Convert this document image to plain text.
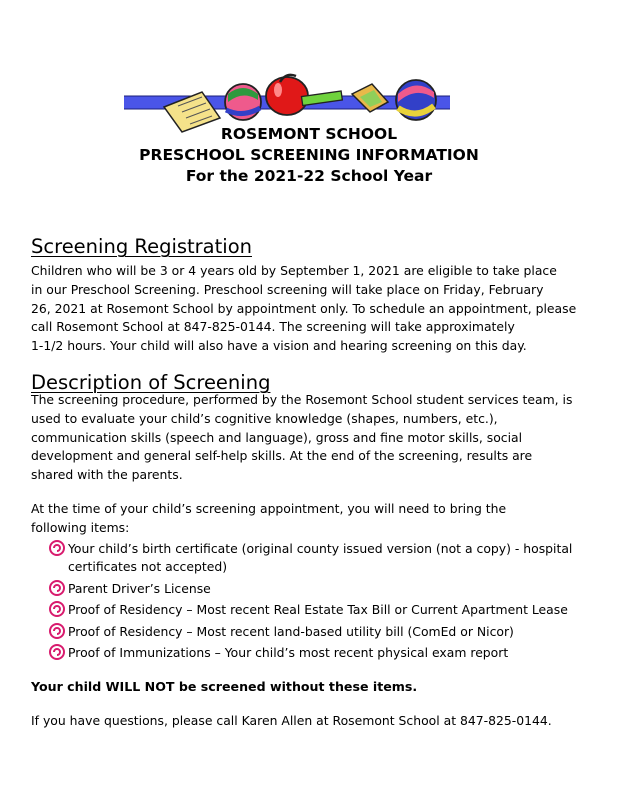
ROSEMONT SCHOOL
PRESCHOOL SCREENING INFORMATION
For the 2021-22 School Year
Screening Registration
Children who will be 3 or 4 years old by September 1, 2021 are eligible to take place
in our Preschool Screening. Preschool screening will take place on Friday, February
26, 2021 at Rosemont School by appointment only. To schedule an appointment, please
call Rosemont School at 847-825-0144. The screening will take approximately
1-1/2 hours. Your child will also have a vision and hearing screening on this day.
Description of Screening
The screening procedure, performed by the Rosemont School student services team, is
used to evaluate your child’s cognitive knowledge (shapes, numbers, etc.),
communication skills (speech and language), gross and fine motor skills, social
development and general self-help skills. At the end of the screening, results are
shared with the parents.
At the time of your child’s screening appointment, you will need to bring the
following items:
Your child’s birth certificate (original county issued version (not a copy) - hospital
certificates not accepted)
Parent Driver’s License
Proof of Residency – Most recent Real Estate Tax Bill or Current Apartment Lease
Proof of Residency – Most recent land-based utility bill (ComEd or Nicor)
Proof of Immunizations – Your child’s most recent physical exam report
Your child WILL NOT be screened without these items.
If you have questions, please call Karen Allen at Rosemont School at 847-825-0144.
